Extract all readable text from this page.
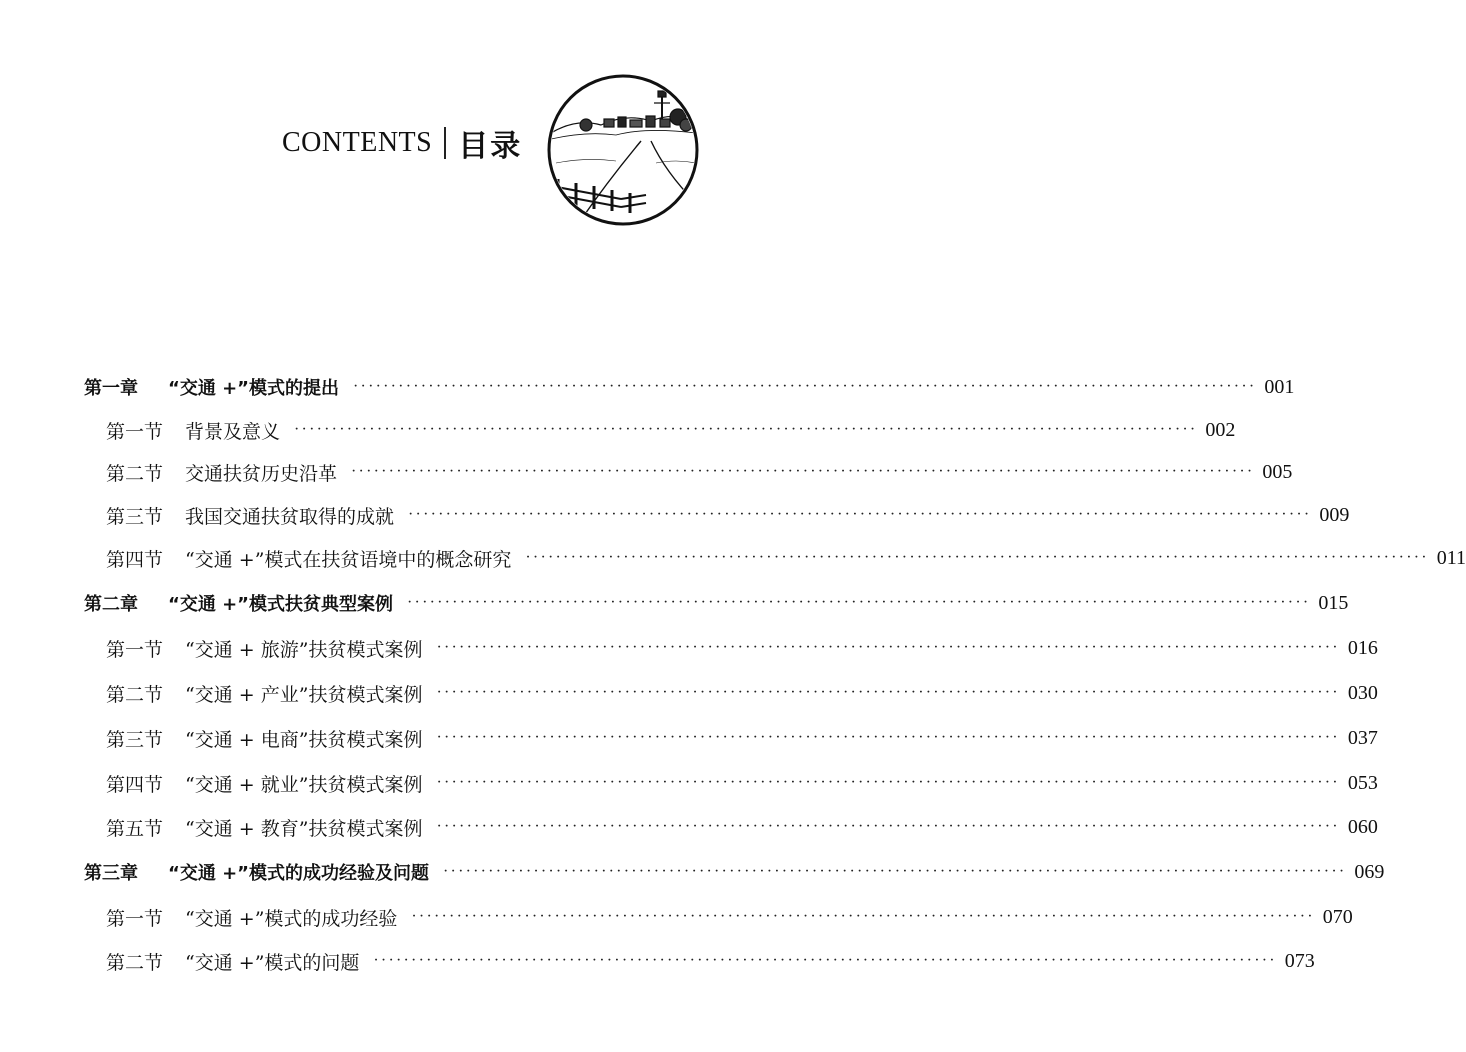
CONTENTS 目录
第一章 “交通 +”模式的提出 ························································································································ 001
第一节 背景及意义 ························································································································ 002
第二节 交通扶贫历史沿革 ························································································································ 005
第三节 我国交通扶贫取得的成就 ························································································································ 009
第四节 “交通 +”模式在扶贫语境中的概念研究 ························································································································ 011
第二章 “交通 +”模式扶贫典型案例 ························································································································ 015
第一节 “交通 + 旅游”扶贫模式案例 ························································································································ 016
第二节 “交通 + 产业”扶贫模式案例 ························································································································ 030
第三节 “交通 + 电商”扶贫模式案例 ························································································································ 037
第四节 “交通 + 就业”扶贫模式案例 ························································································································ 053
第五节 “交通 + 教育”扶贫模式案例 ························································································································ 060
第三章 “交通 +”模式的成功经验及问题 ························································································································ 069
第一节 “交通 +”模式的成功经验 ························································································································ 070
第二节 “交通 +”模式的问题 ························································································································ 073
